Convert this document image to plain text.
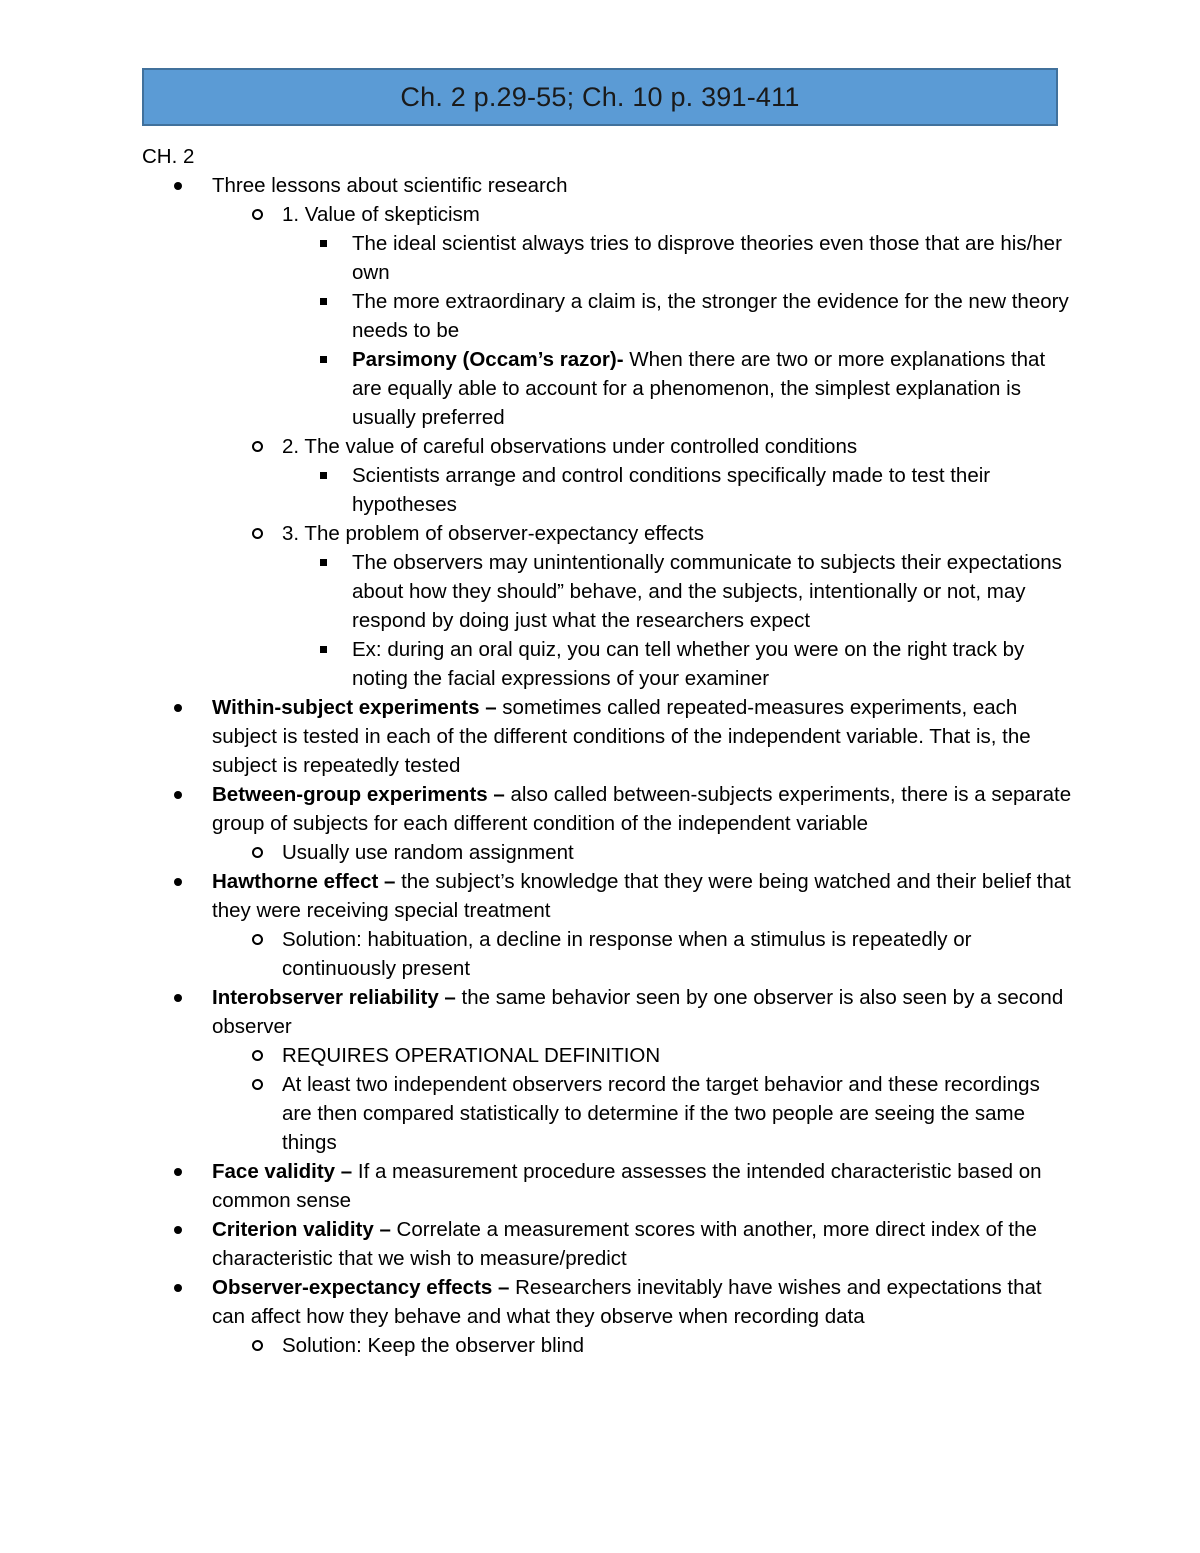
Ch. 2 p.29-55; Ch. 10 p. 391-411
CH. 2
Three lessons about scientific research
1. Value of skepticism
The ideal scientist always tries to disprove theories even those that are his/her own
The more extraordinary a claim is, the stronger the evidence for the new theory needs to be
Parsimony (Occam’s razor)- When there are two or more explanations that are equally able to account for a phenomenon, the simplest explanation is usually preferred
2. The value of careful observations under controlled conditions
Scientists arrange and control conditions specifically made to test their hypotheses
3. The problem of observer-expectancy effects
The observers may unintentionally communicate to subjects their expectations about how they should” behave, and the subjects, intentionally or not, may respond by doing just what the researchers expect
Ex: during an oral quiz, you can tell whether you were on the right track by noting the facial expressions of your examiner
Within-subject experiments – sometimes called repeated-measures experiments, each subject is tested in each of the different conditions of the independent variable. That is, the subject is repeatedly tested
Between-group experiments – also called between-subjects experiments, there is a separate group of subjects for each different condition of the independent variable
Usually use random assignment
Hawthorne effect – the subject’s knowledge that they were being watched and their belief that they were receiving special treatment
Solution: habituation, a decline in response when a stimulus is repeatedly or continuously present
Interobserver reliability – the same behavior seen by one observer is also seen by a second observer
REQUIRES OPERATIONAL DEFINITION
At least two independent observers record the target behavior and these recordings are then compared statistically to determine if the two people are seeing the same things
Face validity – If a measurement procedure assesses the intended characteristic based on common sense
Criterion validity – Correlate a measurement scores with another, more direct index of the characteristic that we wish to measure/predict
Observer-expectancy effects – Researchers inevitably have wishes and expectations that can affect how they behave and what they observe when recording data
Solution: Keep the observer blind
